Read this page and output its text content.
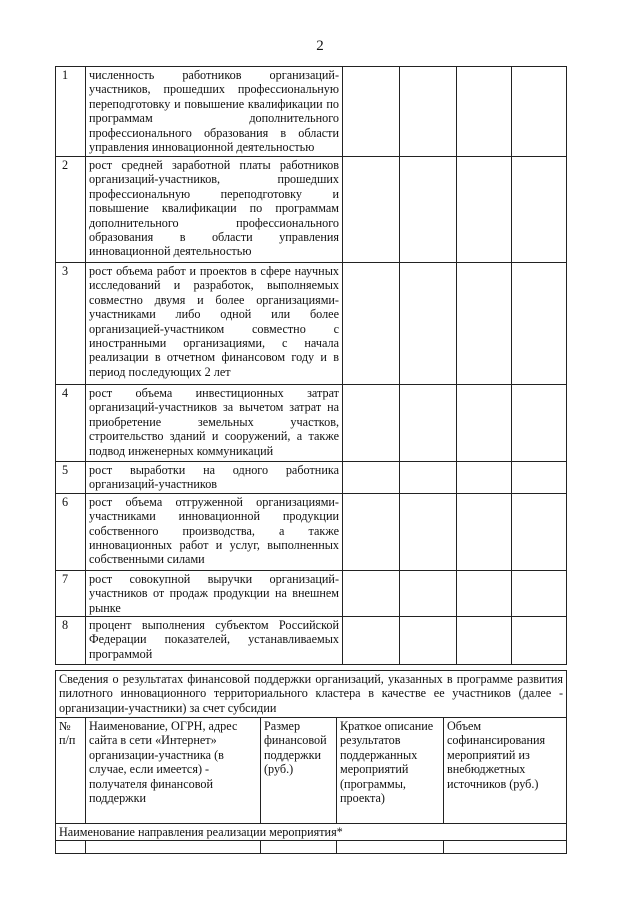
2
1	численность работников организаций-участников, прошедших профессиональную переподготовку и повышение квалификации по программам дополнительного профессионального образования в области управления инновационной деятельностью				
2	рост средней заработной платы работников организаций-участников, прошедших профессиональную переподготовку и повышение квалификации по программам дополнительного профессионального образования в области управления инновационной деятельностью				
3	рост объема работ и проектов в сфере научных исследований и разработок, выполняемых совместно двумя и более организациями-участниками либо одной или более организацией-участником совместно с иностранными организациями, с начала реализации в отчетном финансовом году и в период последующих 2 лет				
4	рост объема инвестиционных затрат организаций-участников за вычетом затрат на приобретение земельных участков, строительство зданий и сооружений, а также подвод инженерных коммуникаций				
5	рост выработки на одного работника организаций-участников				
6	рост объема отгруженной организациями-участниками инновационной продукции собственного производства, а также инновационных работ и услуг, выполненных собственными силами				
7	рост совокупной выручки организаций-участников от продаж продукции на внешнем рынке				
8	процент выполнения субъектом Российской Федерации показателей, устанавливаемых программой				
Сведения о результатах финансовой поддержки организаций, указанных в программе развития пилотного инновационного территориального кластера в качестве ее участников (далее - организации-участники) за счет субсидии				
№ п/п	Наименование, ОГРН, адрес сайта в сети «Интернет» организации-участника (в случае, если имеется) - получателя финансовой поддержки	Размер финансовой поддержки (руб.)	Краткое описание результатов поддержанных мероприятий (программы, проекта)	Объем софинансирования мероприятий из внебюджетных источников (руб.)
Наименование направления реализации мероприятия*				
